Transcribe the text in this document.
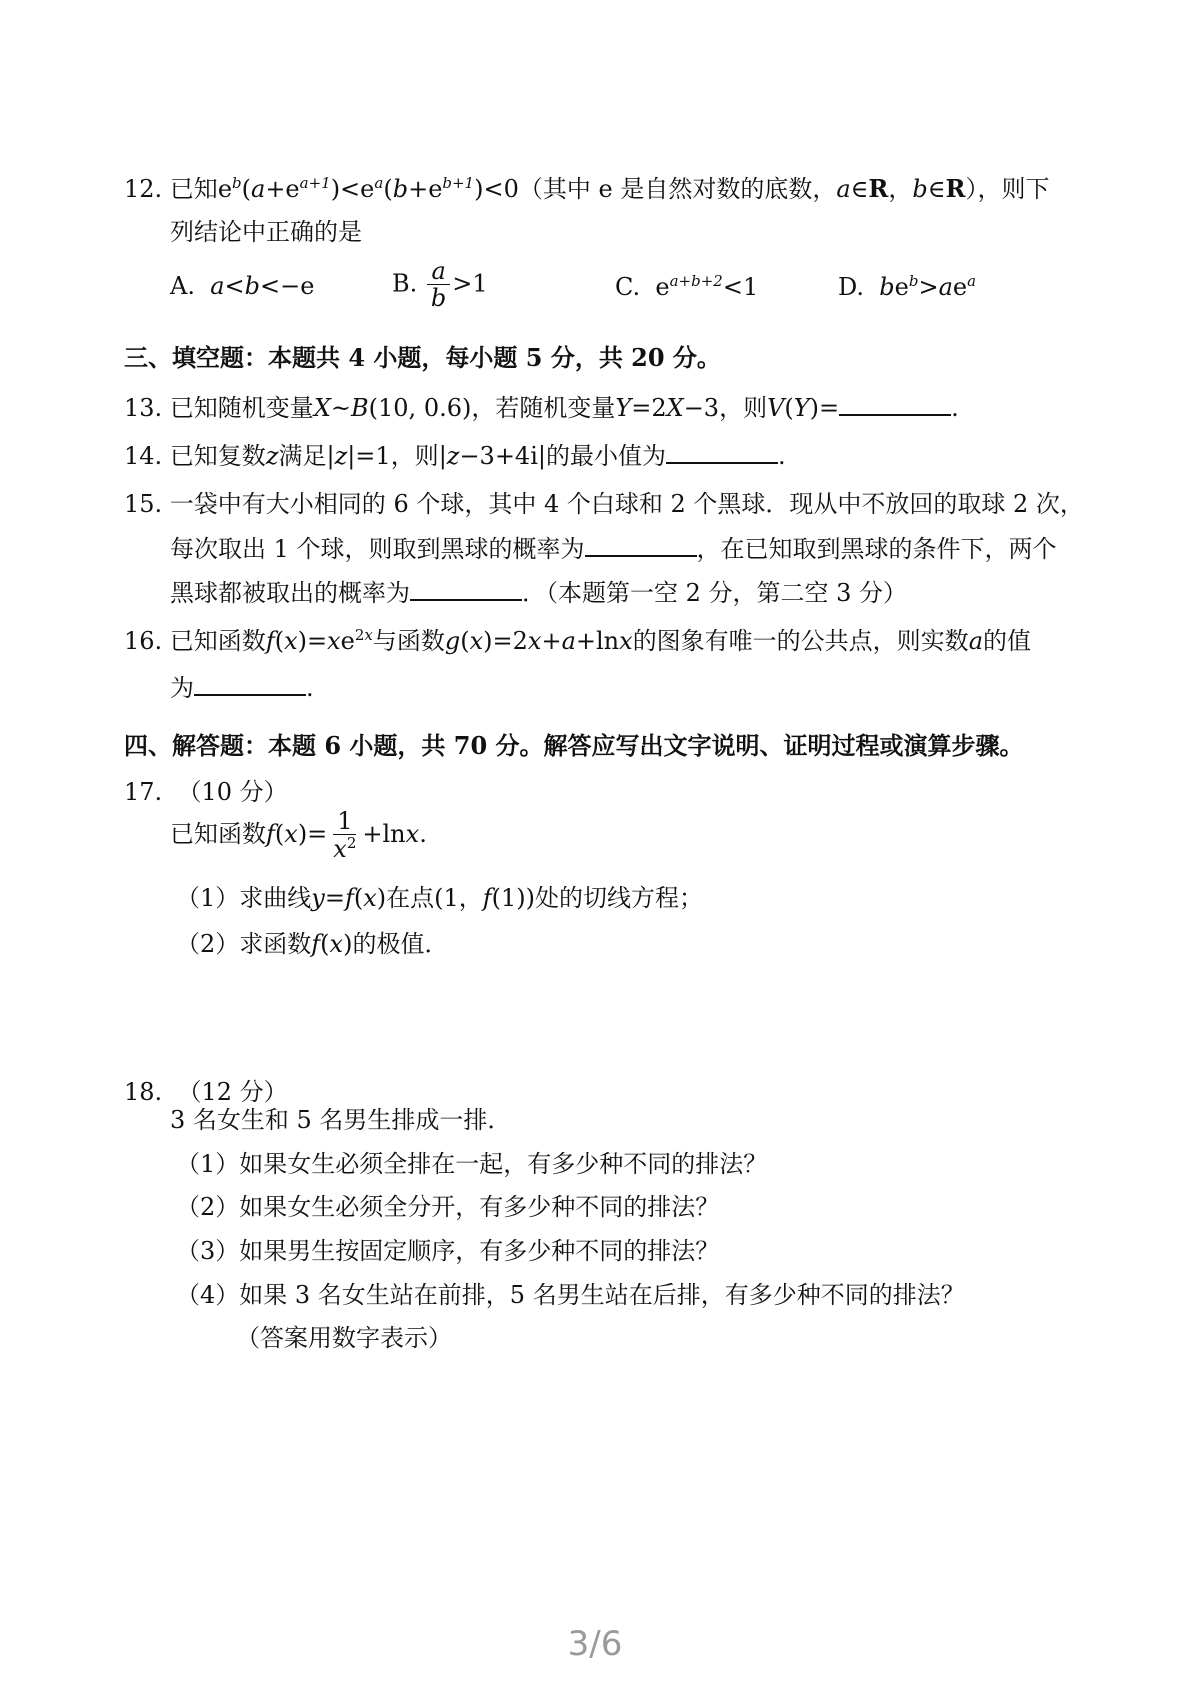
12. 已知$e^b(a+e^{a+1})<e^a(b+e^{b+1})<0$（其中 e 是自然对数的底数，a∈R，b∈R），则下
列结论中正确的是
A. a<b<−e	B. $\frac{a}{b} >1$	C.  $e^{a+b+2}<1$	D. $be^b>ae^a$
三、填空题：本题共 4 小题，每小题 5 分，共 20 分。
13. 已知随机变量X~B(10, 0.6)，若随机变量Y=2X−3，则V(Y)=	.
14. 已知复数z满足|z|=1，则|z−3+4i|的最小值为	.
15. 一袋中有大小相同的 6 个球，其中 4 个白球和 2 个黑球．现从中不放回的取球 2 次，
每次取出 1 个球，则取到黑球的概率为	，在已知取到黑球的条件下，两个
黑球都被取出的概率为	．（本题第一空 2 分，第二空 3 分）
16. 已知函数$f(x)=xe^{2x}$与函数g(x)=2x+a+lnx的图象有唯一的公共点，则实数a的值
为	.
四、解答题：本题 6 小题，共 70 分。解答应写出文字说明、证明过程或演算步骤。
17. （10 分）
已知函数$f(x)= \frac{1}{x^2} +\ln x$.
（1）求曲线y=f(x)在点(1，f(1))处的切线方程；
（2）求函数f(x)的极值．
18. （12 分）
3 名女生和 5 名男生排成一排．
（1）如果女生必须全排在一起，有多少种不同的排法？
（2）如果女生必须全分开，有多少种不同的排法？
（3）如果男生按固定顺序，有多少种不同的排法？
（4）如果 3 名女生站在前排，5 名男生站在后排，有多少种不同的排法？
（答案用数字表示）
3/6
